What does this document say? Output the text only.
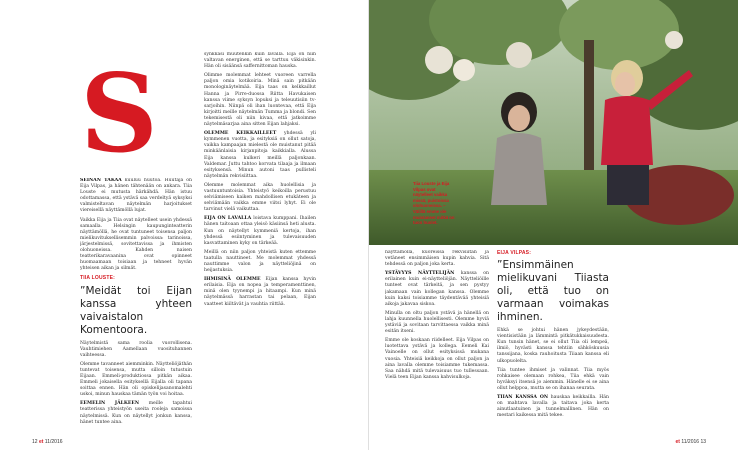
S

SEINÄN TAKAA kuuluu huutoa. Huutaja on Eija Vilpas, ja hänen tähtenään on ankara. Tiia Louste ei mutusta härkähdä. Hän istuu odottamassa, että ystävä saa verdeltyä syksyksi valmisteltavan näytelmän harjoitukset viereisellä näyttämöllä lujat.

Vaikka Eija ja Tiia ovat näytelleet usein yhdessä samaalla. Helsingin kaupunginteatterin näyttämöllä, he ovat tuntuneet toisensa paljon mielikuvituksellisemmin palvoissa: tarinoissa, järjestelmissä, sovitettavissa ja ihmisten olohuoneissa. Kahden naisen teatterikaravaanina ovat opinneet huomaamaan toisiaan ja tehneet hyvän yhteisen aikan ja silmät.

TIIA LOUSTE:

”Meidät toi Eijan kanssa yhteen vaivaistalon Komentoora.

Näytelmistä sama roolia vuorollisena. Vauhtimiehen Aamellaan vuosituhannen vaihteessa.

Olemme tavanneet aiemminkin. Näytteliöjäthän tuntevat toisensa, mutta silloin tutustuin Eijaan. Emmeli-produktiossa pitkän aikaa. Emmeli jokaisella esityksellä Eijalla oli tapana soittaa ennen. Hän oli opiskelijasanomalehti uskoi, minun hauskaa tämän työn voi hoitaa.

EEMELIN JÄLKEEN meille tapahtui teatterissa yhteistyön useita rooleja samoissa näytelmissä. Kun on näytellyt jonkun kanssa, hänet tuntee aina.

synkkasi muutenkin kuin lavalla. Eija on niin valtavan energinen, että se tarttuu väkisinkin. Hän oli sisäänsä saffernittoman hauska.

Olimme molemmat lehteet vuoreen varrella paljon omia kotikoiria. Minä sain pitkään monologinäytelmää. Eija taas on kelkkaillut Hanna ja Pirre-duossa Riitta Havukaisen kanssa viime syksyn lopuksi ja teleuutisiin tv-sarjoihin. Niinpä oli ihan luontevaa, että Eija kirjoitti meille näytelmän Tumma ja blondi. Sen tekemisestä oli niin kivaa, että jatkoimme näytelmäsarjaa aina sitten Eijan lahjaksi.

OLEMME KEIKKAILLEET yhdessä yli kymmenen vuotta, ja esityksiä on ollut satoja, vaikka kampaajan mielestä ole muistanut pitää minkäänlaisia kirjanpitoja kaikkialla. Alussa Eija kanssa kulkeri meillä paljonkaan. Valdemar. Juttu tahtoo korvata tilaaja ja ilmaan esityksensä. Minun autoni taas pullisteli näytelmän rekvisiittaa.

Olemme molemmat aika huolellisia ja vastuuntuntoisia. Yhteistyö keikoilla perustuu selviämiseen kaiken mahdollisen etukäteen ja selviämään vaikka emme viitsi lyhyt. Ei ole tarvinut vielä vaikuttaa.

EIJA ON LAVALLA loistava kumppani. Ihailen hänen taitoaan ottaa yleisö käsiinsä heti alusta. Kun on näytellyt kymmeniä kertoja, ihan yhdessä esiintyminen ja tulevaisuuden kasvattaminen kyky on tärkeää.

Meillä on niin paljon yhteistä kuten ettemme taatulla nauttineet. Me molemmat yhdessä nauttimme valon ja näytteliöjinä on heijastuksia.

IHMISINÄ OLEMME Eijan kanssa hyvin erilaisia. Eija on nopea ja temperamenttinen, minä olen tyynempi ja hitaampi. Kun minä näytelmässä harrastan tai pelaan, Eijan vaatteet kiiltävät ja vauhtia riittää.

12 et 11/2016	et 11/2016 13
Tiia Louste ja Eija Vilpas ovat näytelleet vaikka missä, puistoissa olohuoneissa. – Välillä emme ole muistaneet mitkä on tuon huolet.

näyttämöllä, kuoreissa rekvisiitan ja vetäneet ensimmäisen kupin kahvia. Sitä tehdessä on paljon joka kerta.

YSTÄVYYS NÄYTTELIJÄN kanssa on erilainen kuin ei-näytteliöjän. Näytteliöille tunteet ovat tärkeitä, ja sen pystyy jakamaan vain kollegan kanssa. Olemme kuin kaksi toisiamme täydentävää yhteisiä aikoja jakavaa siskoa.

Minulla on oltu paljon ystävä ja hänellä on lahja kuunnella huolellisesti. Olemme hyviä ystäviä ja sovitaan tarvittaessa vaikka minä esitän itseni.

Emme ole koskaan riidelleet. Eija Vilpas on luotettava ystävä ja kollega. Eemeli Kai Vainoelle on ollut esityksissä mukana vuosia. Yhteisiä keikkoja on ollut paljon ja aina lavalla olemme toisiamme tukemassa. Saa nähdä mitä tulevaisuus tuo tullessaan. Vielä teen Eijan kanssa kahvisulkoja.

EIJA VILPAS:

”Ensimmäinen mielikuvani Tiiasta oli, että tuo on varmaan voimakas ihminen.

Ehkä se johtui hänen jykeydestään, vientisistään ja lämmintä pitkätukkaisuudesta. Kun tunsin hänet, se ei ollut Tiia oli lempeä, ilmiö, hyvästi kanssa tehtiin sähköskuusia tanssijana, koska rauhoitusta Tiiaan kanssa eli ulkopuolelta.

Tiia tuntee ihmiset ja valinnat. Tiia myös rohkaisee olemaan rohkea, Tiia ehkä vain hyväksyi itsensä jo aiemmin. Hänelle ei se aina ollut helppoa, mutta se on ihanaa seurata.

TIIAN KANSSA ON hauskaa keikkailla. Hän on mahtava lavalla ja taitava joka kerta ainutlaatuinen ja tunnelmallinen. Hän on mestari kaikessa mitä tekee.
